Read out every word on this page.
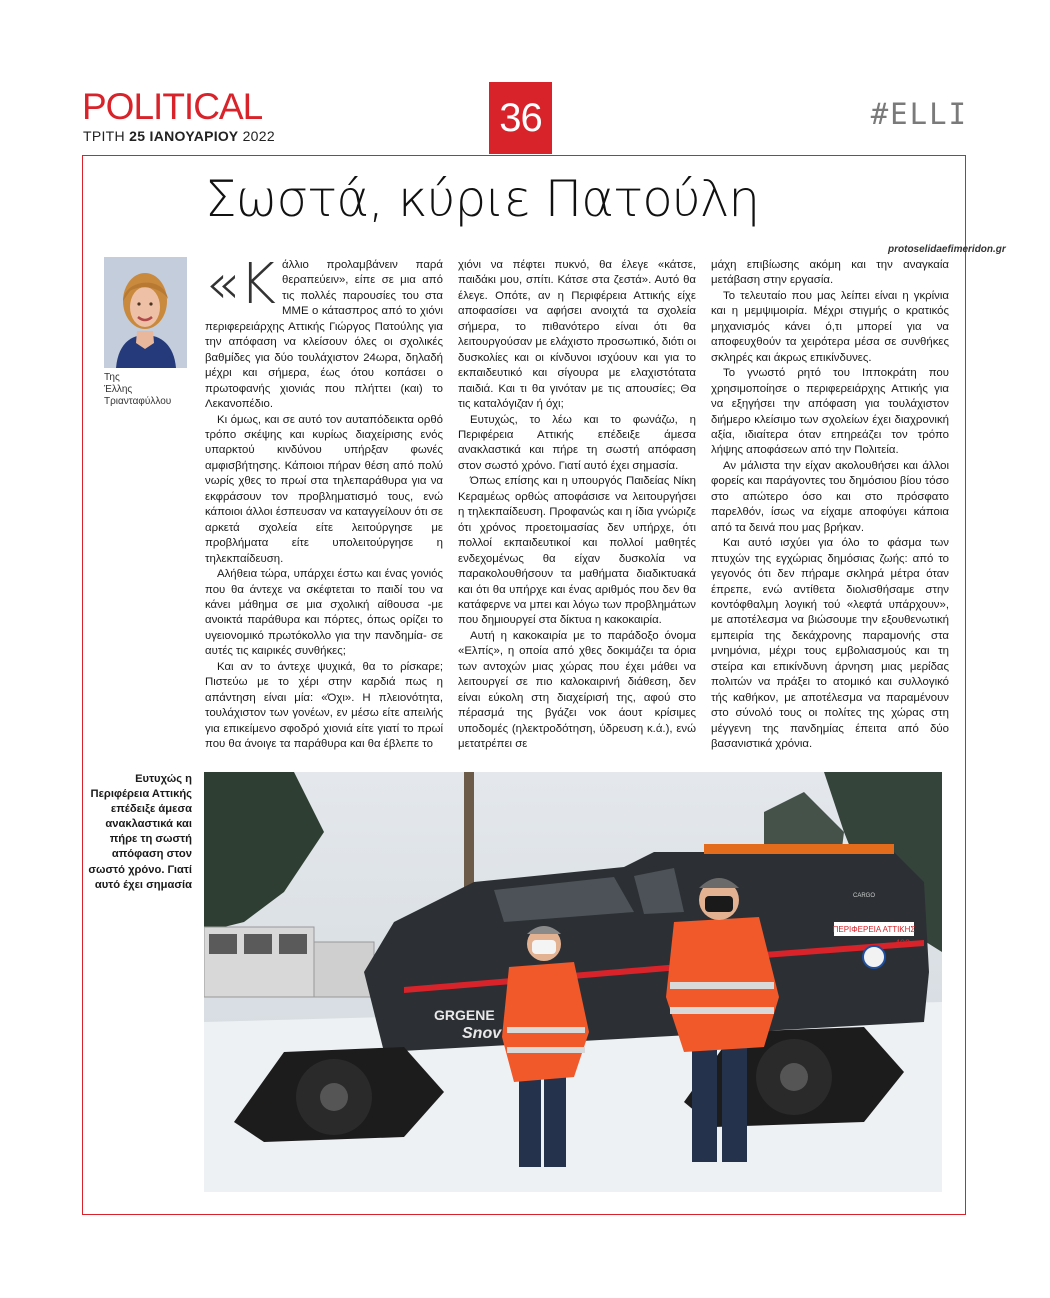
POLITICAL
ΤΡΙΤΗ 25 ΙΑΝΟΥΑΡΙΟΥ 2022	36	#ELLI
protoselidaefimeridon.gr
Σωστά, κύριε Πατούλη
Της
Έλλης
Τριανταφύλλου

«Κ άλλιο προλαμβάνειν παρά θεραπεύειν», είπε σε μια από τις πολλές παρουσίες του στα ΜΜΕ ο κάτασπρος από το χιόνι περιφερειάρχης Αττικής Γιώργος Πατούλης για την απόφαση να κλείσουν όλες οι σχολικές βαθμίδες για δύο τουλάχιστον 24ωρα, δηλαδή μέχρι και σήμερα, έως ότου κοπάσει ο πρωτοφανής χιονιάς που πλήττει (και) το Λεκανοπέδιο.

Κι όμως, και σε αυτό τον αυταπόδεικτα ορθό τρόπο σκέψης και κυρίως διαχείρισης ενός υπαρκτού κινδύνου υπήρξαν φωνές αμφισβήτησης. Κάποιοι πήραν θέση από πολύ νωρίς χθες το πρωί στα τηλεπαράθυρα για να εκφράσουν τον προβληματισμό τους, ενώ κάποιοι άλλοι έσπευσαν να καταγγείλουν ότι σε αρκετά σχολεία είτε λειτούργησε με προβλήματα είτε υπολειτούργησε η τηλεκπαίδευση.

Αλήθεια τώρα, υπάρχει έστω και ένας γονιός που θα άντεχε να σκέφτεται το παιδί του να κάνει μάθημα σε μια σχολική αίθουσα -με ανοικτά παράθυρα και πόρτες, όπως ορίζει το υγειονομικό πρωτόκολλο για την πανδημία- σε αυτές τις καιρικές συνθήκες;

Και αν το άντεχε ψυχικά, θα το ρίσκαρε; Πιστεύω με το χέρι στην καρδιά πως η απάντηση είναι μία: «Όχι». Η πλειονότητα, τουλάχιστον των γονέων, εν μέσω είτε απειλής για επικείμενο σφοδρό χιονιά είτε γιατί το πρωί που θα άνοιγε τα παράθυρα και θα έβλεπε το

χιόνι να πέφτει πυκνό, θα έλεγε «κάτσε, παιδάκι μου, σπίτι. Κάτσε στα ζεστά». Αυτό θα έλεγε. Οπότε, αν η Περιφέρεια Αττικής είχε αποφασίσει να αφήσει ανοιχτά τα σχολεία σήμερα, το πιθανότερο είναι ότι θα λειτουργούσαν με ελάχιστο προσωπικό, διότι οι δυσκολίες και οι κίνδυνοι ισχύουν και για το εκπαιδευτικό και σίγουρα με ελαχιστότατα παιδιά. Και τι θα γινόταν με τις απουσίες; Θα τις καταλόγιζαν ή όχι;

Ευτυχώς, το λέω και το φωνάζω, η Περιφέρεια Αττικής επέδειξε άμεσα ανακλαστικά και πήρε τη σωστή απόφαση στον σωστό χρόνο. Γιατί αυτό έχει σημασία.

Όπως επίσης και η υπουργός Παιδείας Νίκη Κεραμέως ορθώς αποφάσισε να λειτουργήσει η τηλεκπαίδευση. Προφανώς και η ίδια γνώριζε ότι χρόνος προετοιμασίας δεν υπήρχε, ότι πολλοί εκπαιδευτικοί και πολλοί μαθητές ενδεχομένως θα είχαν δυσκολία να παρακολουθήσουν τα μαθήματα διαδικτυακά και ότι θα υπήρχε και ένας αριθμός που δεν θα κατάφερνε να μπει και λόγω των προβλημάτων που δημιουργεί στα δίκτυα η κακοκαιρία.

Αυτή η κακοκαιρία με το παράδοξο όνομα «Ελπίς», η οποία από χθες δοκιμάζει τα όρια των αντοχών μιας χώρας που έχει μάθει να λειτουργεί σε πιο καλοκαιρινή διάθεση, δεν είναι εύκολη στη διαχείρισή της, αφού στο πέρασμά της βγάζει νοκ άουτ κρίσιμες υποδομές (ηλεκτροδότηση, ύδρευση κ.ά.), ενώ μετατρέπει σε

μάχη επιβίωσης ακόμη και την αναγκαία μετάβαση στην εργασία.

Το τελευταίο που μας λείπει είναι η γκρίνια και η μεμψιμοιρία. Μέχρι στιγμής ο κρατικός μηχανισμός κάνει ό,τι μπορεί για να αποφευχθούν τα χειρότερα μέσα σε συνθήκες σκληρές και άκρως επικίνδυνες.

Το γνωστό ρητό του Ιπποκράτη που χρησιμοποίησε ο περιφερειάρχης Αττικής για να εξηγήσει την απόφαση για τουλάχιστον διήμερο κλείσιμο των σχολείων έχει διαχρονική αξία, ιδιαίτερα όταν επηρεάζει τον τρόπο λήψης αποφάσεων από την Πολιτεία.

Αν μάλιστα την είχαν ακολουθήσει και άλλοι φορείς και παράγοντες του δημόσιου βίου τόσο στο απώτερο όσο και στο πρόσφατο παρελθόν, ίσως να είχαμε αποφύγει κάποια από τα δεινά που μας βρήκαν.

Και αυτό ισχύει για όλο το φάσμα των πτυχών της εγχώριας δημόσιας ζωής: από το γεγονός ότι δεν πήραμε σκληρά μέτρα όταν έπρεπε, ενώ αντίθετα διολισθήσαμε στην κοντόφθαλμη λογική τού «λεφτά υπάρχουν», με αποτέλεσμα να βιώσουμε την εξουθενωτική εμπειρία της δεκάχρονης παραμονής στα μνημόνια, μέχρι τους εμβολιασμούς και τη στείρα και επικίνδυνη άρνηση μιας μερίδας πολιτών να πράξει το ατομικό και συλλογικό τής καθήκον, με αποτέλεσμα να παραμένουν στο σύνολό τους οι πολίτες της χώρας στη μέγγενη της πανδημίας έπειτα από δύο βασανιστικά χρόνια.

Ευτυχώς η Περιφέρεια Αττικής επέδειξε άμεσα ανακλαστικά και πήρε τη σωστή απόφαση στον σωστό χρόνο. Γιατί αυτό έχει σημασία
ΠΕΡΙΦΕΡΕΙΑ ΑΤΤΙΚΗΣ
402
CARGO
GRGENE
Snov
